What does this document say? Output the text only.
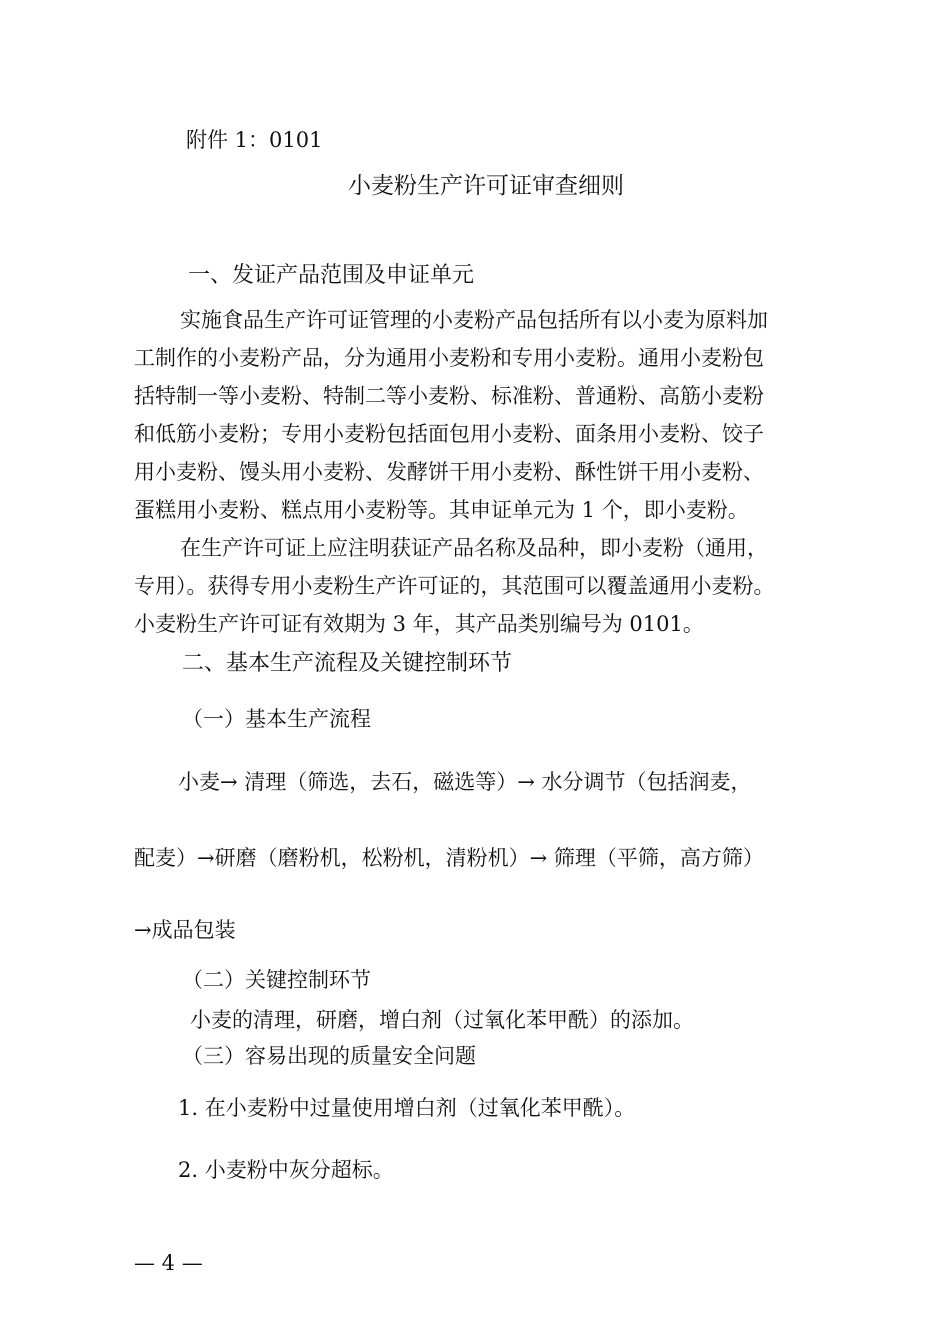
附件 1：0101
小麦粉生产许可证审查细则
一、发证产品范围及申证单元
实施食品生产许可证管理的小麦粉产品包括所有以小麦为原料加
工制作的小麦粉产品，分为通用小麦粉和专用小麦粉。通用小麦粉包
括特制一等小麦粉、特制二等小麦粉、标准粉、普通粉、高筋小麦粉
和低筋小麦粉；专用小麦粉包括面包用小麦粉、面条用小麦粉、饺子
用小麦粉、馒头用小麦粉、发酵饼干用小麦粉、酥性饼干用小麦粉、
蛋糕用小麦粉、糕点用小麦粉等。其申证单元为 1 个，即小麦粉。
在生产许可证上应注明获证产品名称及品种，即小麦粉（通用，
专用）。获得专用小麦粉生产许可证的，其范围可以覆盖通用小麦粉。
小麦粉生产许可证有效期为 3 年，其产品类别编号为 0101。
二、基本生产流程及关键控制环节
（一）基本生产流程
小麦→ 清理（筛选，去石，磁选等）→ 水分调节（包括润麦，
配麦）→研磨（磨粉机，松粉机，清粉机）→ 筛理（平筛，高方筛）
→成品包装
（二）关键控制环节
小麦的清理，研磨，增白剂（过氧化苯甲酰）的添加。
（三）容易出现的质量安全问题
1. 在小麦粉中过量使用增白剂（过氧化苯甲酰）。
2. 小麦粉中灰分超标。
— 4 —
